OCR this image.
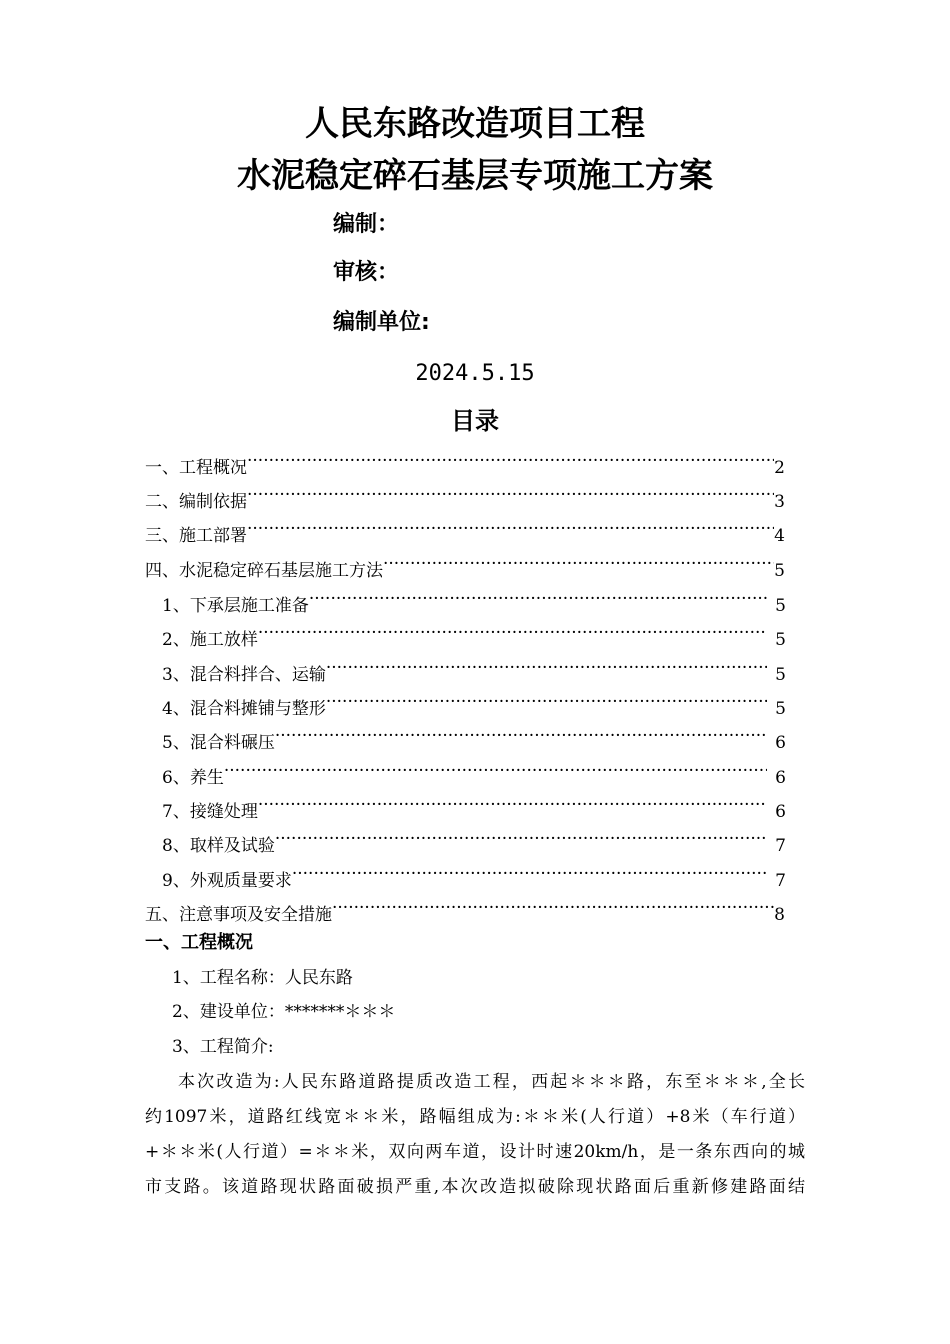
人民东路改造项目工程
水泥稳定碎石基层专项施工方案
编制：
审核：
编制单位:
2024.5.15
目录
一、工程概况 ·····	2
二、编制依据 ·····	3
三、施工部署 ·····	4
四、水泥稳定碎石基层施工方法 ·····	5
1、下承层施工准备 ·····	5
2、施工放样 ·····	5
3、混合料拌合、运输 ·····	5
4、混合料摊铺与整形 ·····	5
5、混合料碾压 ·····	6
6、养生 ·····	6
7、接缝处理 ·····	6
8、取样及试验 ·····	7
9、外观质量要求 ·····	7
五、注意事项及安全措施 ·····	8
一、工程概况
1、工程名称：人民东路
2、建设单位：*******＊＊＊
3、工程简介:
本次改造为:人民东路道路提质改造工程，西起＊＊＊路，东至＊＊＊,全长
约1097米，道路红线宽＊＊米，路幅组成为:＊＊米(人行道）+8米（车行道）
+＊＊米(人行道）=＊＊米，双向两车道，设计时速20km/h，是一条东西向的城
市支路。该道路现状路面破损严重,本次改造拟破除现状路面后重新修建路面结
